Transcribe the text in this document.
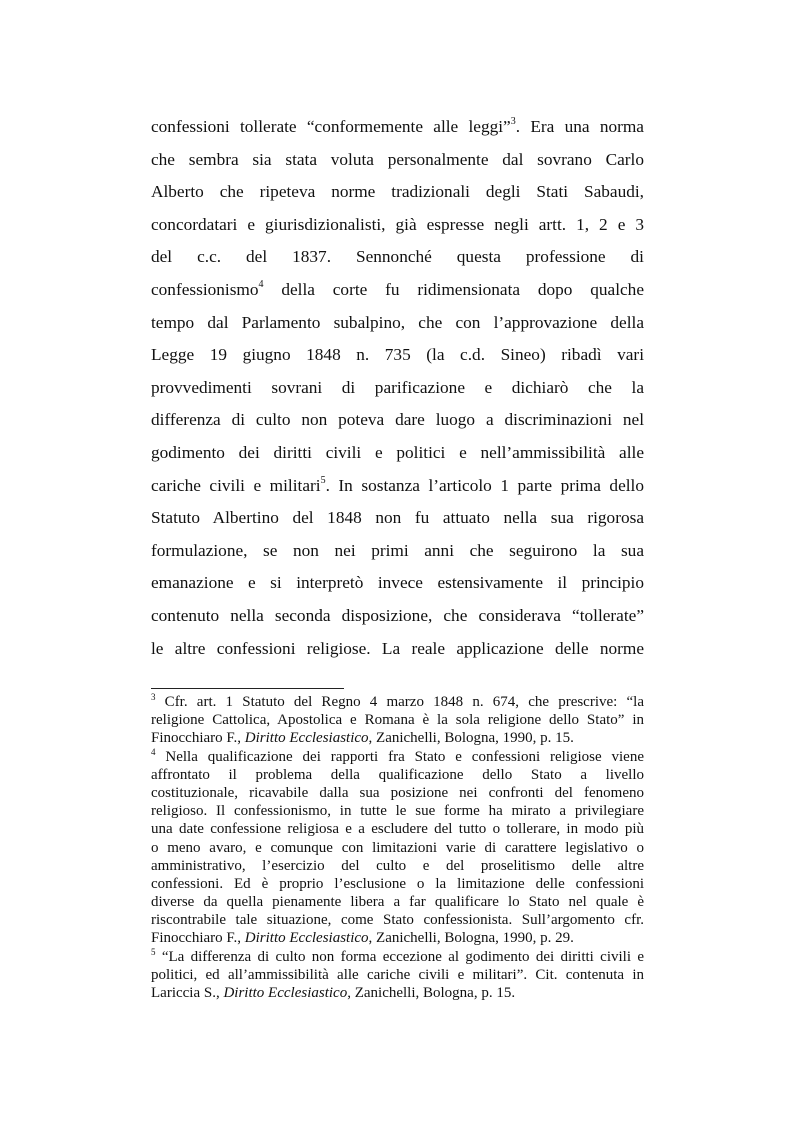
confessioni tollerate “conformemente alle leggi”$^3$. Era una norma
che sembra sia stata voluta personalmente dal sovrano Carlo
Alberto che ripeteva norme tradizionali degli Stati Sabaudi,
concordatari e giurisdizionalisti, già espresse negli artt. 1, 2 e 3
del c.c. del 1837. Sennonché questa professione di
confessionismo$^4$ della corte fu ridimensionata dopo qualche
tempo dal Parlamento subalpino, che con l’approvazione della
Legge 19 giugno 1848 n. 735 (la c.d. Sineo) ribadì vari
provvedimenti sovrani di parificazione e dichiarò che la
differenza di culto non poteva dare luogo a discriminazioni nel
godimento dei diritti civili e politici e nell’ammissibilità alle
cariche civili e militari$^5$. In sostanza l’articolo 1 parte prima dello
Statuto Albertino del 1848 non fu attuato nella sua rigorosa
formulazione, se non nei primi anni che seguirono la sua
emanazione e si interpretò invece estensivamente il principio
contenuto nella seconda disposizione, che considerava “tollerate”
le altre confessioni religiose. La reale applicazione delle norme
$^3$ Cfr. art. 1 Statuto del Regno 4 marzo 1848 n. 674, che prescrive: “la
religione Cattolica, Apostolica e Romana è la sola religione dello Stato” in
Finocchiaro F., Diritto Ecclesiastico, Zanichelli, Bologna, 1990, p. 15.
$^4$ Nella qualificazione dei rapporti fra Stato e confessioni religiose viene
affrontato il problema della qualificazione dello Stato a livello
costituzionale, ricavabile dalla sua posizione nei confronti del fenomeno
religioso. Il confessionismo, in tutte le sue forme ha mirato a privilegiare
una date confessione religiosa e a escludere del tutto o tollerare, in modo più
o meno avaro, e comunque con limitazioni varie di carattere legislativo o
amministrativo, l’esercizio del culto e del proselitismo delle altre
confessioni. Ed è proprio l’esclusione o la limitazione delle confessioni
diverse da quella pienamente libera a far qualificare lo Stato nel quale è
riscontrabile tale situazione, come Stato confessionista. Sull’argomento cfr.
Finocchiaro F., Diritto Ecclesiastico, Zanichelli, Bologna, 1990, p. 29.
$^5$ “La differenza di culto non forma eccezione al godimento dei diritti civili e
politici, ed all’ammissibilità alle cariche civili e militari”. Cit. contenuta in
Lariccia S., Diritto Ecclesiastico, Zanichelli, Bologna, p. 15.
